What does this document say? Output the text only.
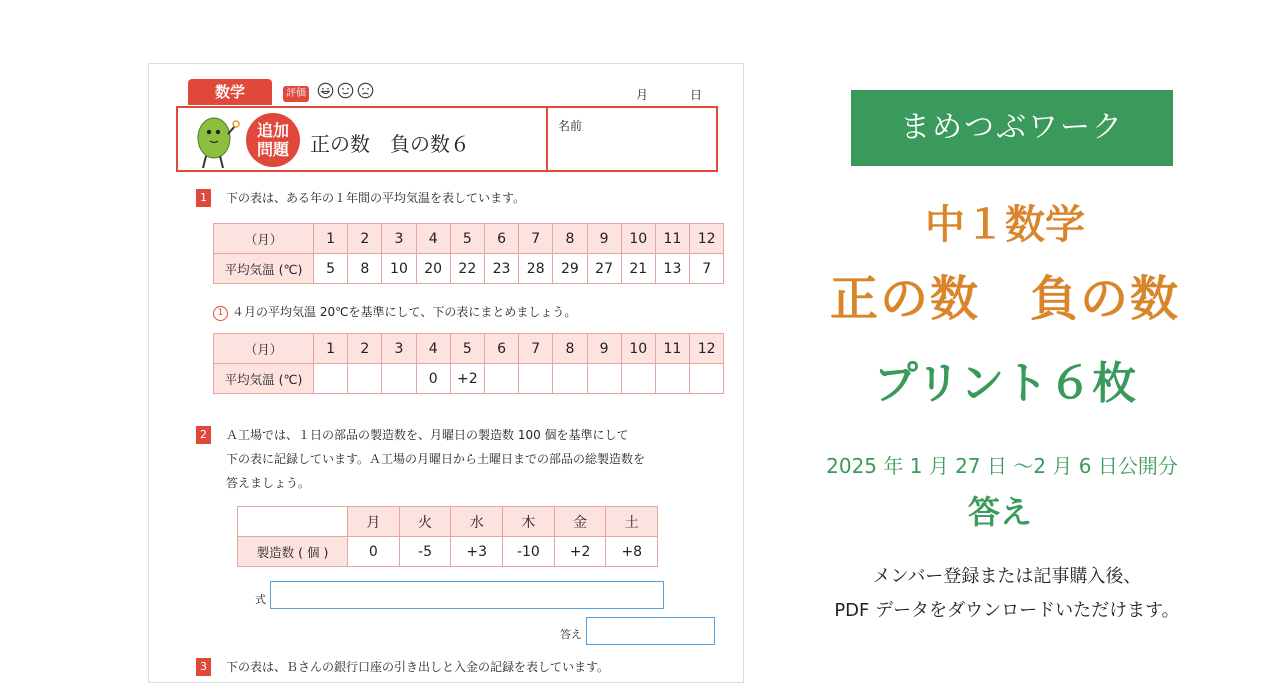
数学	評価	月	日
追加
問題 正の数　負の数６
名前
1	下の表は、ある年の１年間の平均気温を表しています。
（月）	1	2	3	4	5	6	7	8	9	10	11	12
平均気温 (℃)	5	8	10	20	22	23	28	29	27	21	13	7
1 ４月の平均気温 20℃を基準にして、下の表にまとめましょう。
（月）	1	2	3	4	5	6	7	8	9	10	11	12
平均気温 (℃)				0	+2							
2	Ａ工場では、１日の部品の製造数を、月曜日の製造数 100 個を基準にして
下の表に記録しています。Ａ工場の月曜日から土曜日までの部品の総製造数を
答えましょう。
	月	火	水	木	金	土
製造数 ( 個 )	0	-5	+3	-10	+2	+8
式
答え
3	下の表は、Ｂさんの銀行口座の引き出しと入金の記録を表しています。
まめつぶワーク
中１数学
正の数　負の数
プリント６枚
2025 年 1 月 27 日 ～2 月 6 日公開分
答え
メンバー登録または記事購入後、
PDF データをダウンロードいただけます。
